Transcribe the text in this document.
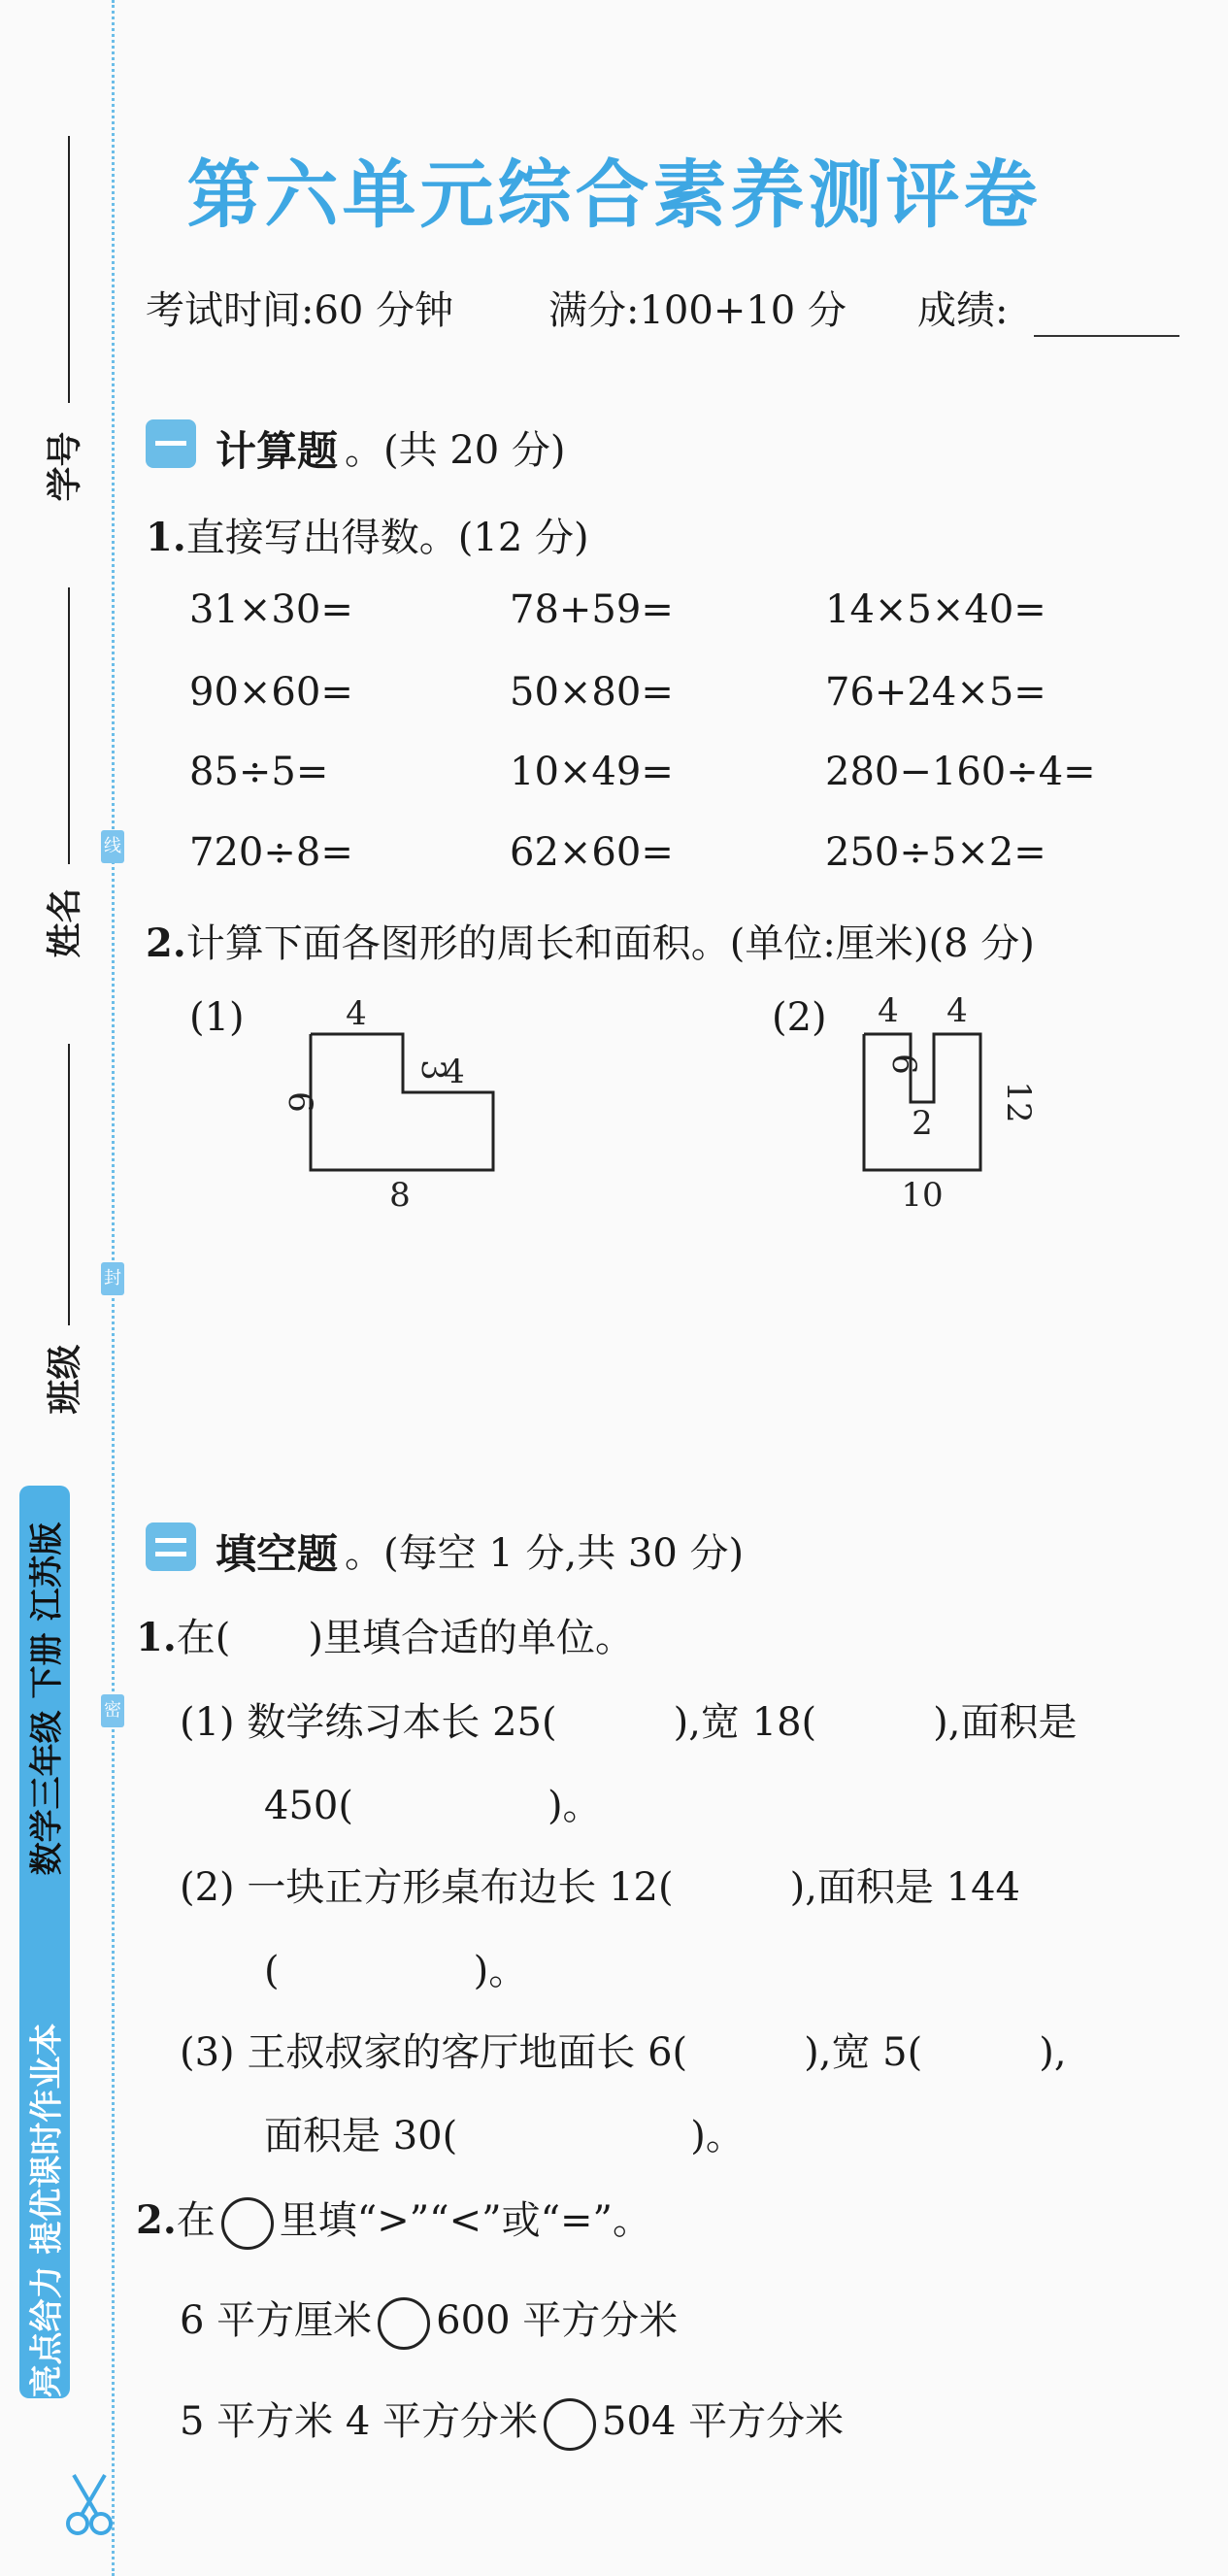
学号
姓名
班级
线
封
密
亮点给力 提优课时作业本
数学三年级 下册 江苏版
第六单元综合素养测评卷
考试时间:60 分钟 满分:100+10 分 成绩:
计算题 。(共 20 分)
1.直接写出得数。(12 分)
31×30=	78+59=	14×5×40=
90×60=	50×80=	76+24×5=
85÷5=	10×49=	280−160÷4=
720÷8=	62×60=	250÷5×2=
2.计算下面各图形的周长和面积。(单位:厘米)(8 分)
(1)	4
6
3
4
8
(2) 4 4
6
2
12
10
填空题 。(每空 1 分,共 30 分)
1.在(　　)里填合适的单位。
(1) 数学练习本长 25(　　　),宽 18(　　　),面积是
450(　　　　　)。
(2) 一块正方形桌布边长 12(　　　),面积是 144
(　　　　　)。
(3) 王叔叔家的客厅地面长 6(　　　),宽 5(　　　),
面积是 30(　　　　　　)。
2.在 里填“>”“<”或“=”。
6 平方厘米 600 平方分米
5 平方米 4 平方分米 504 平方分米
